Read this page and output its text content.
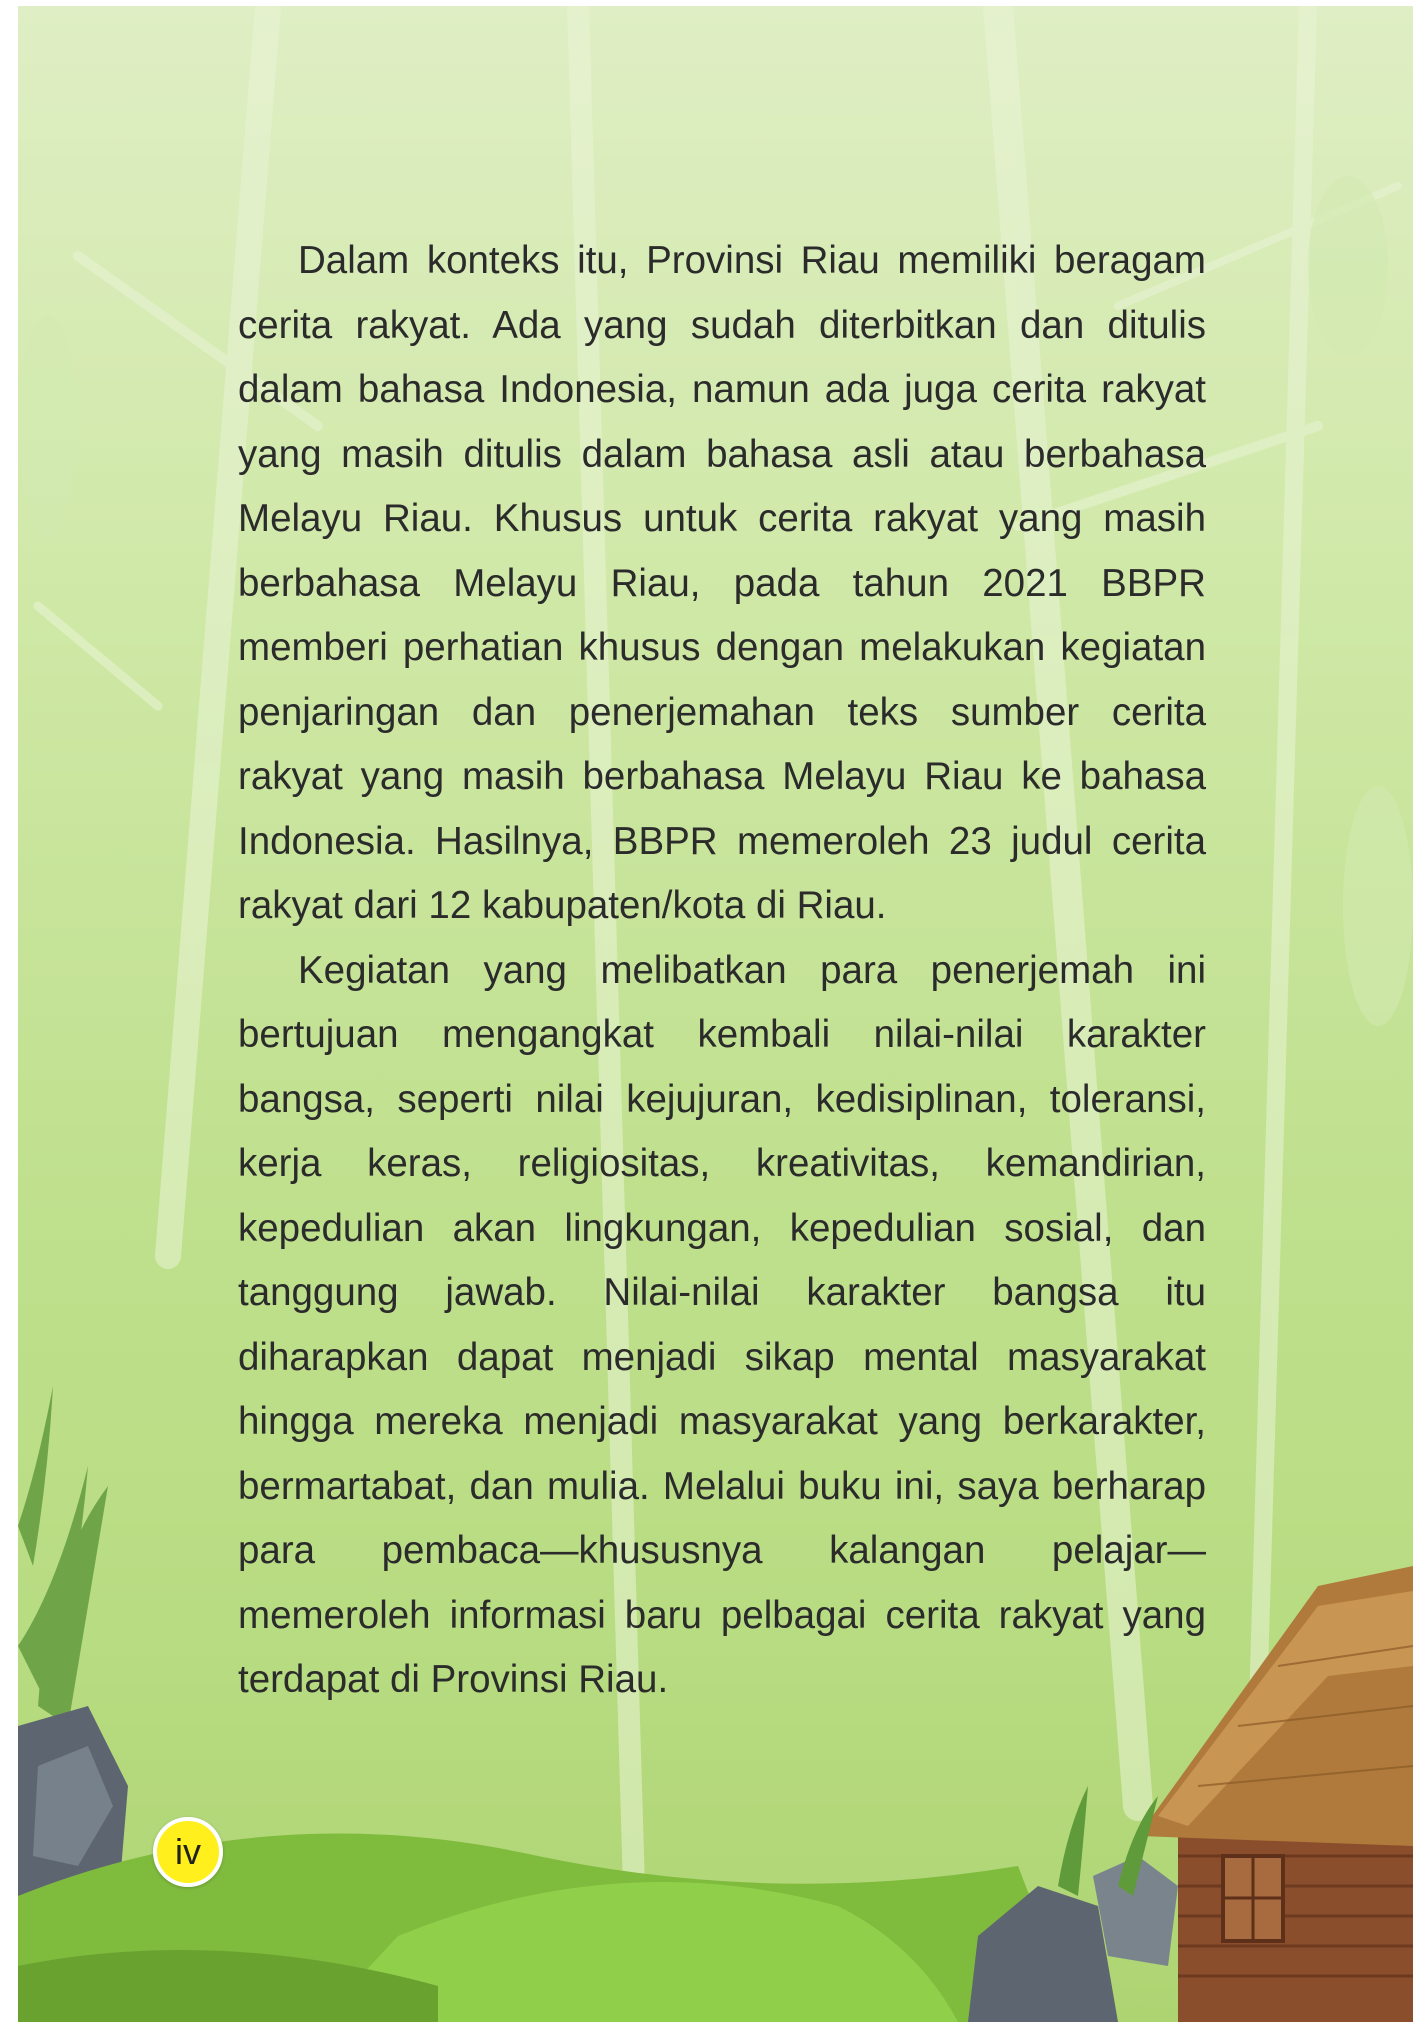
Dalam konteks itu, Provinsi Riau memiliki beragam cerita rakyat. Ada yang sudah diterbitkan dan ditulis dalam bahasa Indonesia, namun ada juga cerita rakyat yang masih ditulis dalam bahasa asli atau berbahasa Melayu Riau. Khusus untuk cerita rakyat yang masih berbahasa Melayu Riau, pada tahun 2021 BBPR memberi perhatian khusus dengan melakukan kegiatan penjaringan dan penerjemahan teks sumber cerita rakyat yang masih berbahasa Melayu Riau ke bahasa Indonesia. Hasilnya, BBPR memeroleh 23 judul cerita rakyat dari 12 kabupaten/kota di Riau.

Kegiatan yang melibatkan para penerjemah ini bertujuan mengangkat kembali nilai-nilai karakter bangsa, seperti nilai kejujuran, kedisiplinan, toleransi, kerja keras, religiositas, kreativitas, kemandirian, kepedulian akan lingkungan, kepedulian sosial, dan tanggung jawab. Nilai-nilai karakter bangsa itu diharapkan dapat menjadi sikap mental masyarakat hingga mereka menjadi masyarakat yang berkarakter, bermartabat, dan mulia. Melalui buku ini, saya berharap para pembaca—khususnya kalangan pelajar—memeroleh informasi baru pelbagai cerita rakyat yang terdapat di Provinsi Riau.

iv
